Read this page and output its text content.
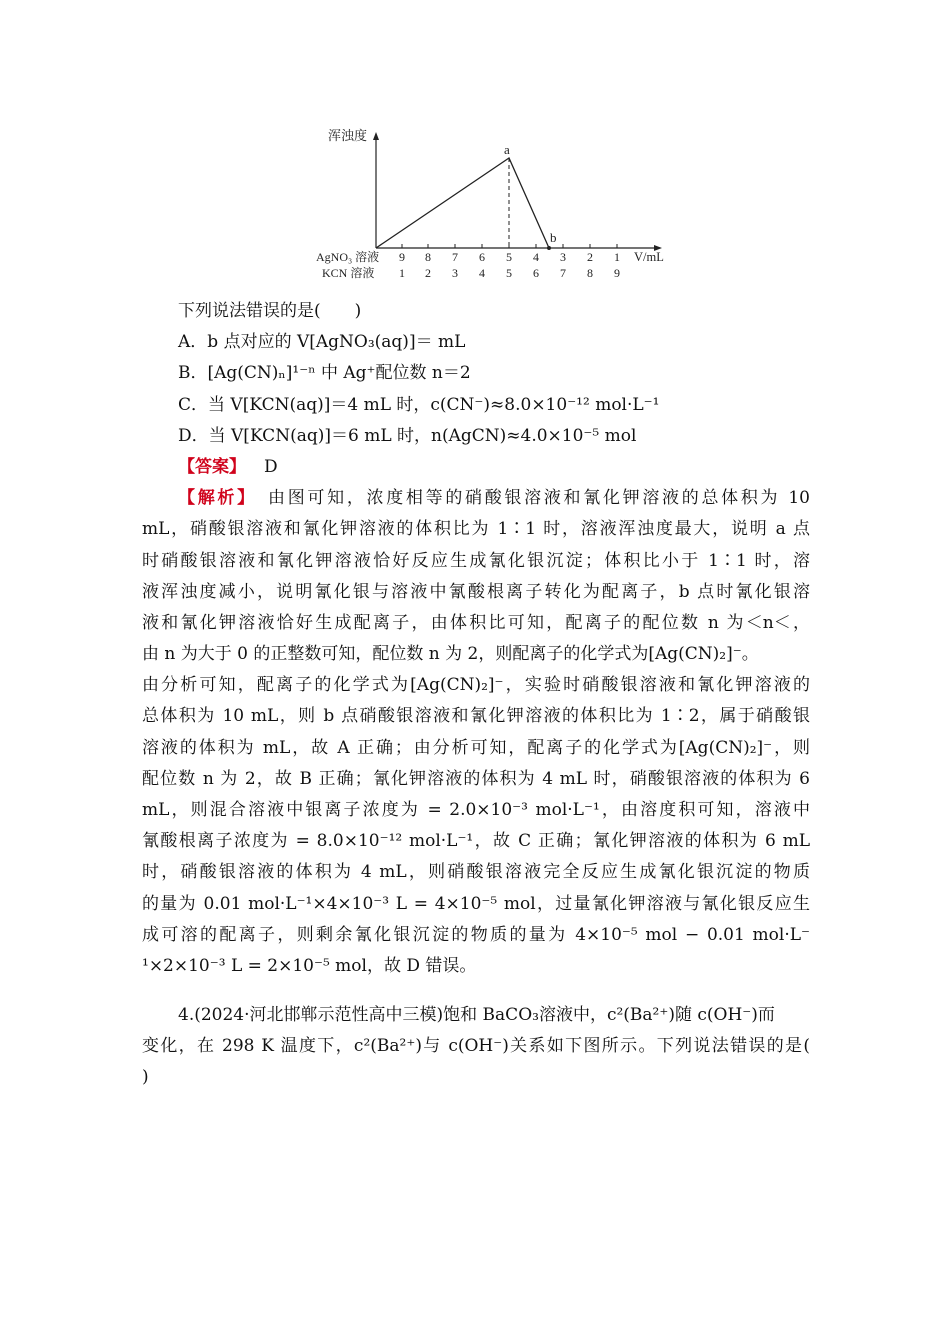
浑浊度
a
b
V/mL
AgNO₃ 溶液
KCN 溶液
9 8 7 6 5 4 3 2 1
1 2 3 4 5 6 7 8 9
下列说法错误的是(　　)
A．b 点对应的 V[AgNO₃(aq)]＝ mL
B．[Ag(CN)ₙ]¹⁻ⁿ 中 Ag⁺配位数 n＝2
C．当 V[KCN(aq)]＝4 mL 时，c(CN⁻)≈8.0×10⁻¹² mol·L⁻¹
D．当 V[KCN(aq)]＝6 mL 时，n(AgCN)≈4.0×10⁻⁵ mol
【答案】 D
【解析】　 由图可知，浓度相等的硝酸银溶液和氰化钾溶液的总体积为 10
mL，硝酸银溶液和氰化钾溶液的体积比为 1∶1 时，溶液浑浊度最大，说明 a 点
时硝酸银溶液和氰化钾溶液恰好反应生成氰化银沉淀；体积比小于 1∶1 时，溶
液浑浊度减小，说明氰化银与溶液中氰酸根离子转化为配离子，b 点时氰化银溶
液和氰化钾溶液恰好生成配离子，由体积比可知，配离子的配位数 n 为＜n＜，
由 n 为大于 0 的正整数可知，配位数 n 为 2，则配离子的化学式为[Ag(CN)₂]⁻。
由分析可知，配离子的化学式为[Ag(CN)₂]⁻，实验时硝酸银溶液和氰化钾溶液的
总体积为 10 mL，则 b 点硝酸银溶液和氰化钾溶液的体积比为 1∶2，属于硝酸银
溶液的体积为 mL，故 A 正确；由分析可知，配离子的化学式为[Ag(CN)₂]⁻，则
配位数 n 为 2，故 B 正确；氰化钾溶液的体积为 4 mL 时，硝酸银溶液的体积为 6
mL，则混合溶液中银离子浓度为 = 2.0×10⁻³ mol·L⁻¹，由溶度积可知，溶液中
氰酸根离子浓度为 = 8.0×10⁻¹² mol·L⁻¹，故 C 正确；氰化钾溶液的体积为 6 mL
时，硝酸银溶液的体积为 4 mL，则硝酸银溶液完全反应生成氰化银沉淀的物质
的量为 0.01 mol·L⁻¹×4×10⁻³ L = 4×10⁻⁵ mol，过量氰化钾溶液与氰化银反应生
成可溶的配离子，则剩余氰化银沉淀的物质的量为 4×10⁻⁵ mol − 0.01 mol·L⁻
¹×2×10⁻³ L = 2×10⁻⁵ mol，故 D 错误。
4.(2024·河北邯郸示范性高中三模)饱和 BaCO₃溶液中，c²(Ba²⁺)随 c(OH⁻)而
变化，在 298 K 温度下，c²(Ba²⁺)与 c(OH⁻)关系如下图所示。下列说法错误的是(
)
